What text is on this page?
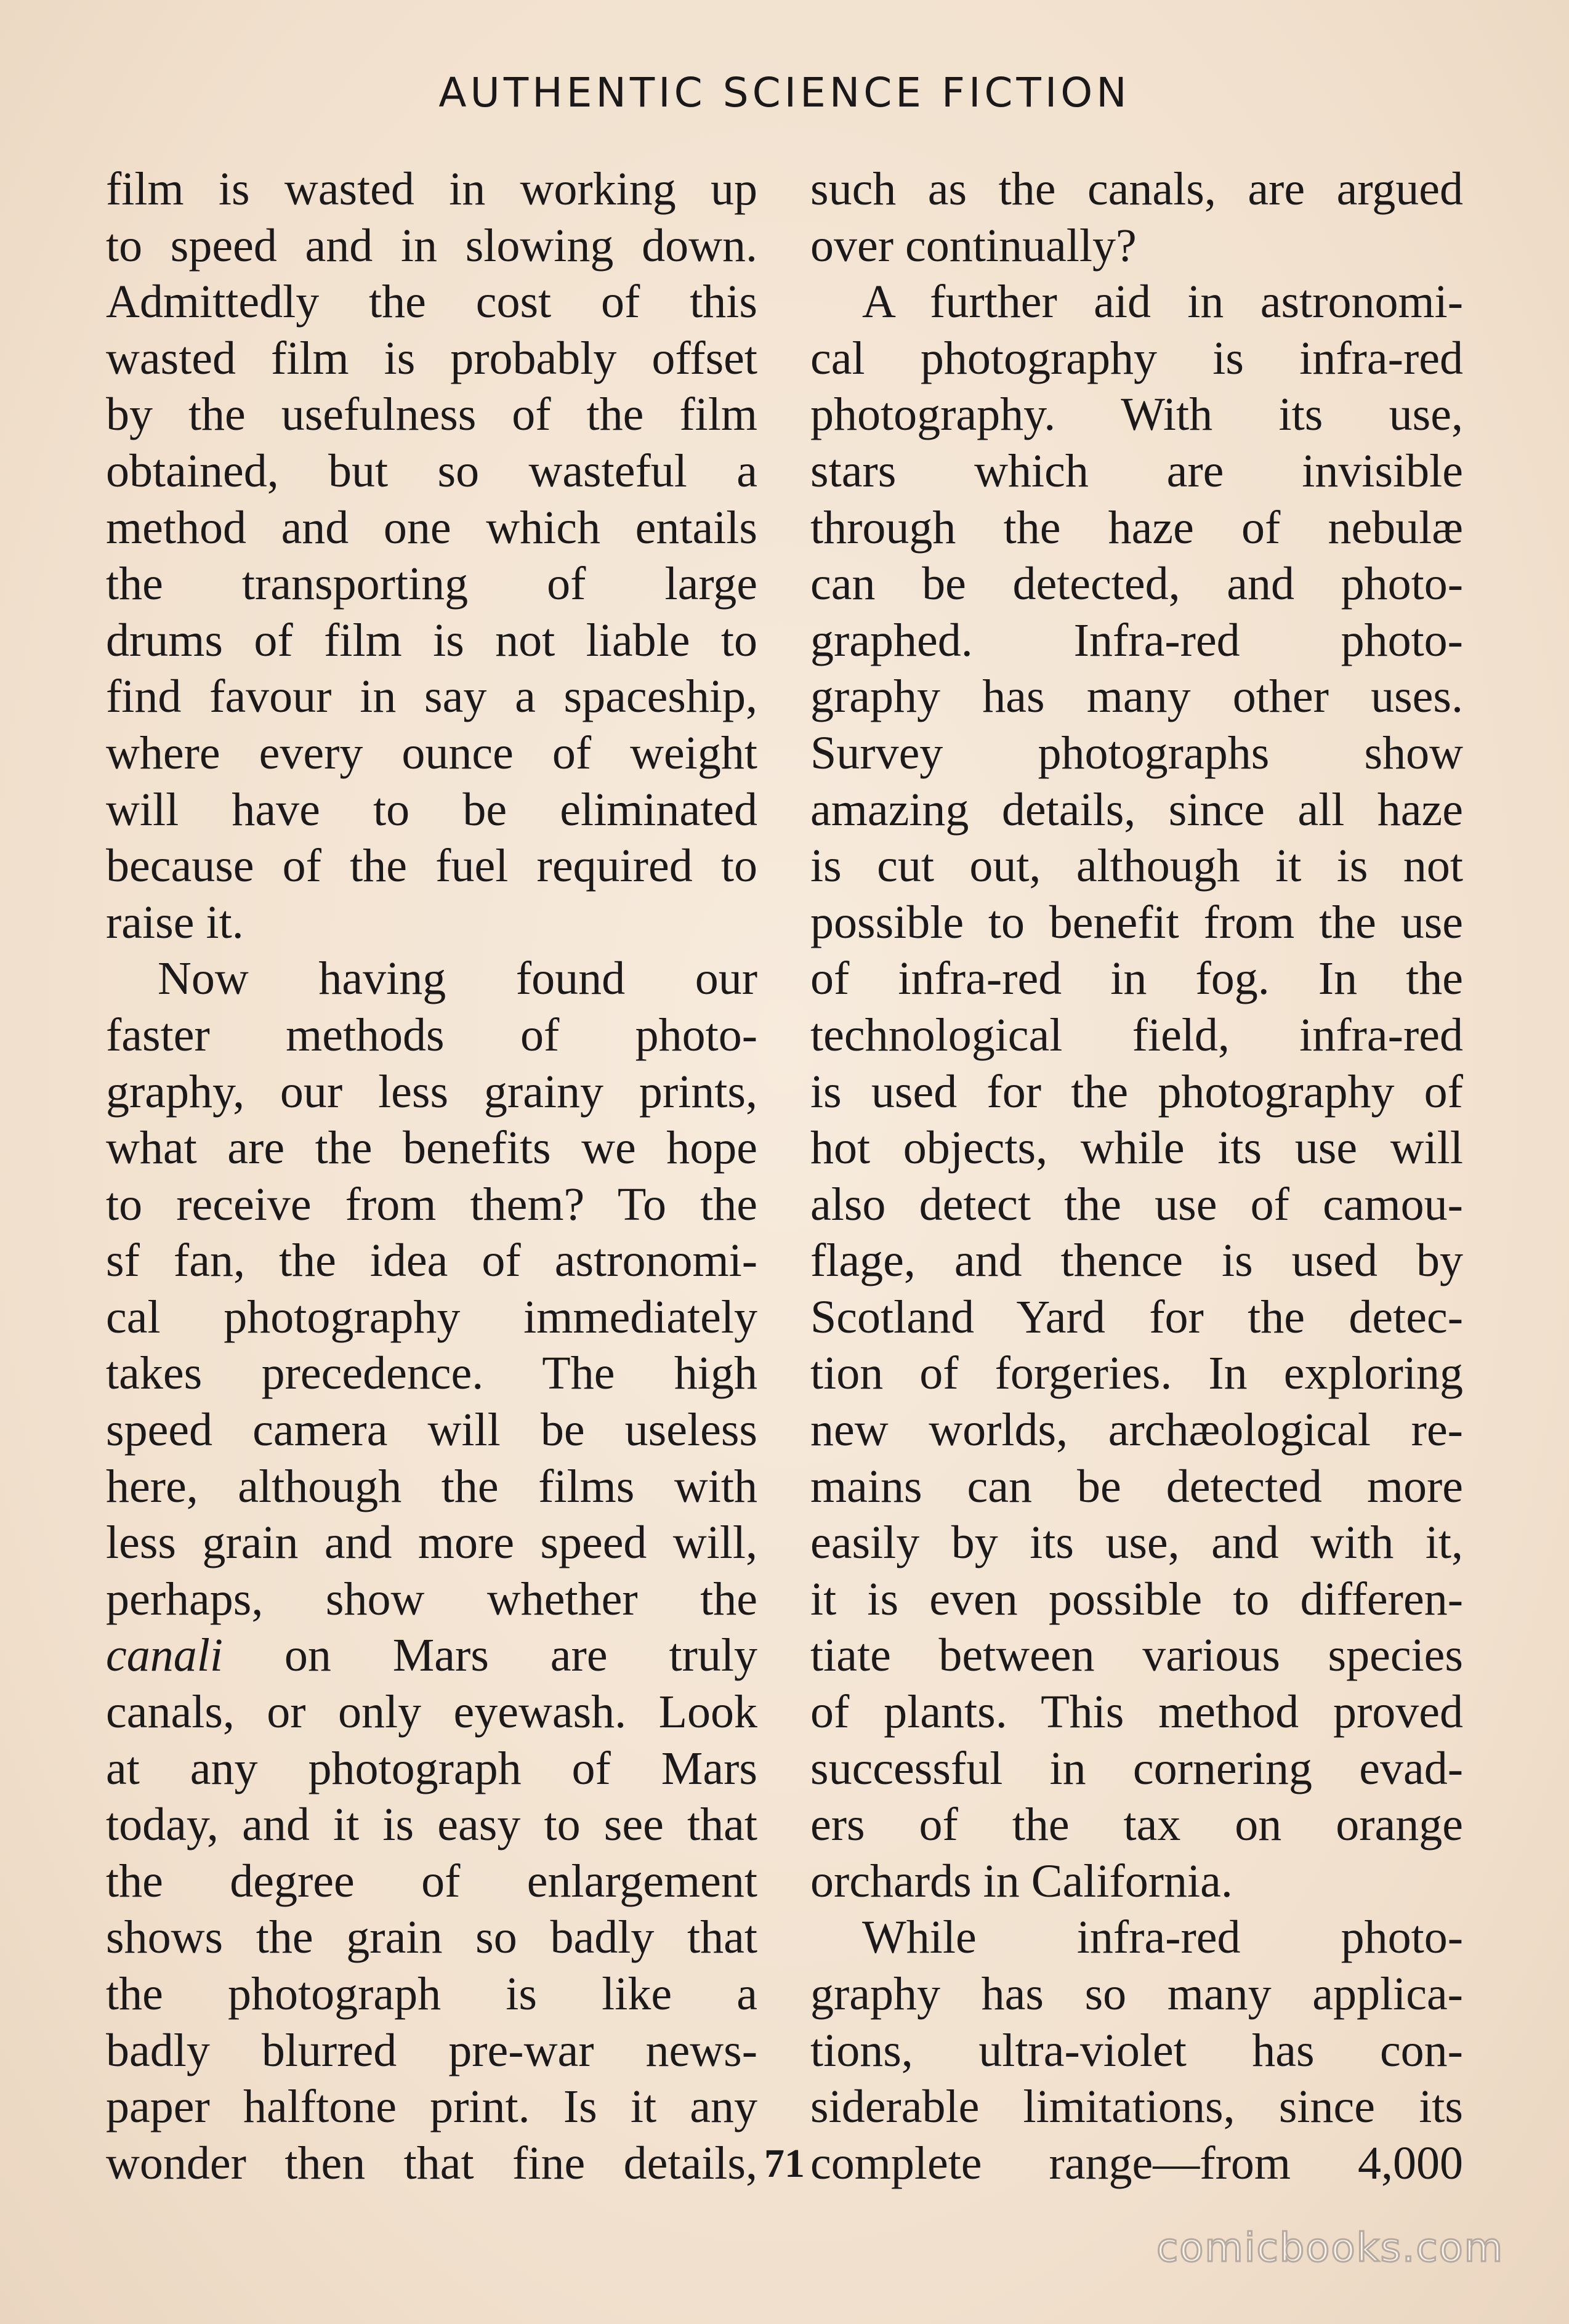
AUTHENTIC SCIENCE FICTION
film is wasted in working up
to speed and in slowing down.
Admittedly the cost of this
wasted film is probably offset
by the usefulness of the film
obtained, but so wasteful a
method and one which entails
the transporting of large
drums of film is not liable to
find favour in say a spaceship,
where every ounce of weight
will have to be eliminated
because of the fuel required to
raise it.
Now having found our
faster methods of photo-
graphy, our less grainy prints,
what are the benefits we hope
to receive from them? To the
sf fan, the idea of astronomi-
cal photography immediately
takes precedence. The high
speed camera will be useless
here, although the films with
less grain and more speed will,
perhaps, show whether the
canali on Mars are truly
canals, or only eyewash. Look
at any photograph of Mars
today, and it is easy to see that
the degree of enlargement
shows the grain so badly that
the photograph is like a
badly blurred pre-war news-
paper halftone print. Is it any
wonder then that fine details,
such as the canals, are argued
over continually?
A further aid in astronomi-
cal photography is infra-red
photography. With its use,
stars which are invisible
through the haze of nebulæ
can be detected, and photo-
graphed. Infra-red photo-
graphy has many other uses.
Survey photographs show
amazing details, since all haze
is cut out, although it is not
possible to benefit from the use
of infra-red in fog. In the
technological field, infra-red
is used for the photography of
hot objects, while its use will
also detect the use of camou-
flage, and thence is used by
Scotland Yard for the detec-
tion of forgeries. In exploring
new worlds, archæological re-
mains can be detected more
easily by its use, and with it,
it is even possible to differen-
tiate between various species
of plants. This method proved
successful in cornering evad-
ers of the tax on orange
orchards in California.
While infra-red photo-
graphy has so many applica-
tions, ultra-violet has con-
siderable limitations, since its
complete range—from 4,000
71
comicbooks.com
